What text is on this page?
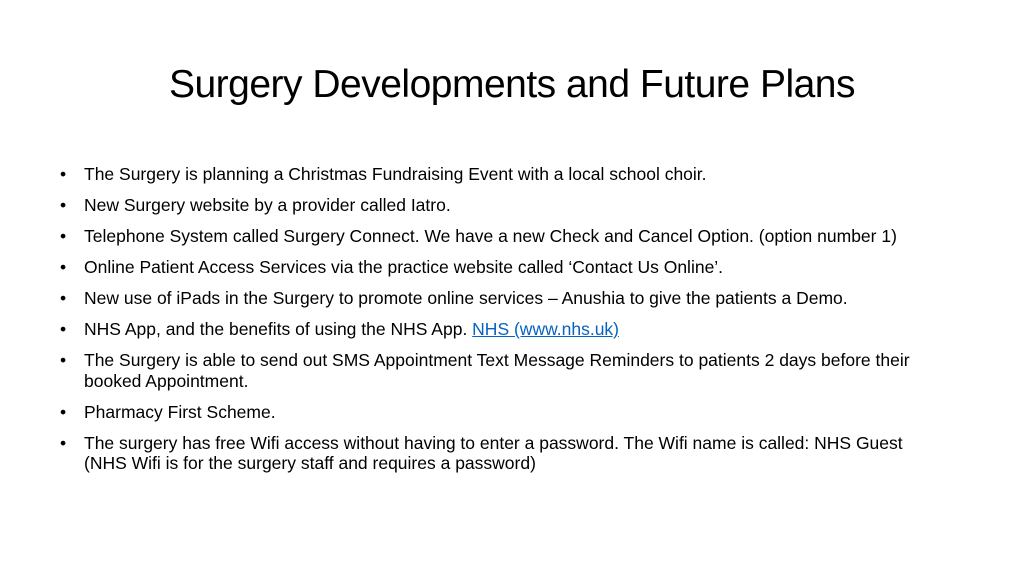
Surgery Developments and Future Plans
•	The Surgery is planning a Christmas Fundraising Event with a local school choir.
•	New Surgery website by a provider called Iatro.
•	Telephone System called Surgery Connect. We have a new Check and Cancel Option. (option number 1)
•	Online Patient Access Services via the practice website called ‘Contact Us Online’.
•	New use of iPads in the Surgery to promote online services – Anushia to give the patients a Demo.
•	NHS App, and the benefits of using the NHS App. NHS (www.nhs.uk)
•	The Surgery is able to send out SMS Appointment Text Message Reminders to patients 2 days before their booked Appointment.
•	Pharmacy First Scheme.
•	The surgery has free Wifi access without having to enter a password. The Wifi name is called: NHS Guest (NHS Wifi is for the surgery staff and requires a password)
